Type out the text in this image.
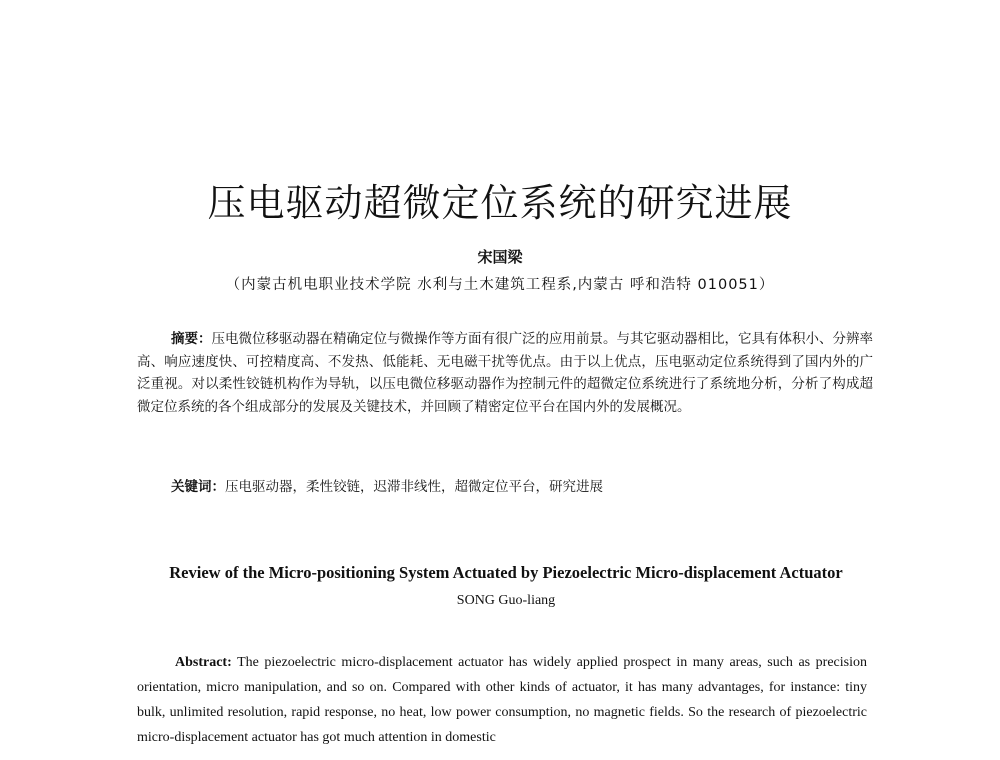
压电驱动超微定位系统的研究进展
宋国梁
（内蒙古机电职业技术学院 水利与土木建筑工程系,内蒙古 呼和浩特 010051）
摘要：压电微位移驱动器在精确定位与微操作等方面有很广泛的应用前景。与其它驱动器相比，它具有体积小、分辨率高、响应速度快、可控精度高、不发热、低能耗、无电磁干扰等优点。由于以上优点，压电驱动定位系统得到了国内外的广泛重视。对以柔性铰链机构作为导轨，以压电微位移驱动器作为控制元件的超微定位系统进行了系统地分析，分析了构成超微定位系统的各个组成部分的发展及关键技术，并回顾了精密定位平台在国内外的发展概况。
关键词：压电驱动器，柔性铰链，迟滞非线性，超微定位平台，研究进展
Review of the Micro-positioning System Actuated by Piezoelectric Micro-displacement Actuator
SONG Guo-liang
Abstract: The piezoelectric micro-displacement actuator has widely applied prospect in many areas, such as precision orientation, micro manipulation, and so on. Compared with other kinds of actuator, it has many advantages, for instance: tiny bulk, unlimited resolution, rapid response, no heat, low power consumption, no magnetic fields. So the research of piezoelectric micro-displacement actuator has got much attention in domestic
